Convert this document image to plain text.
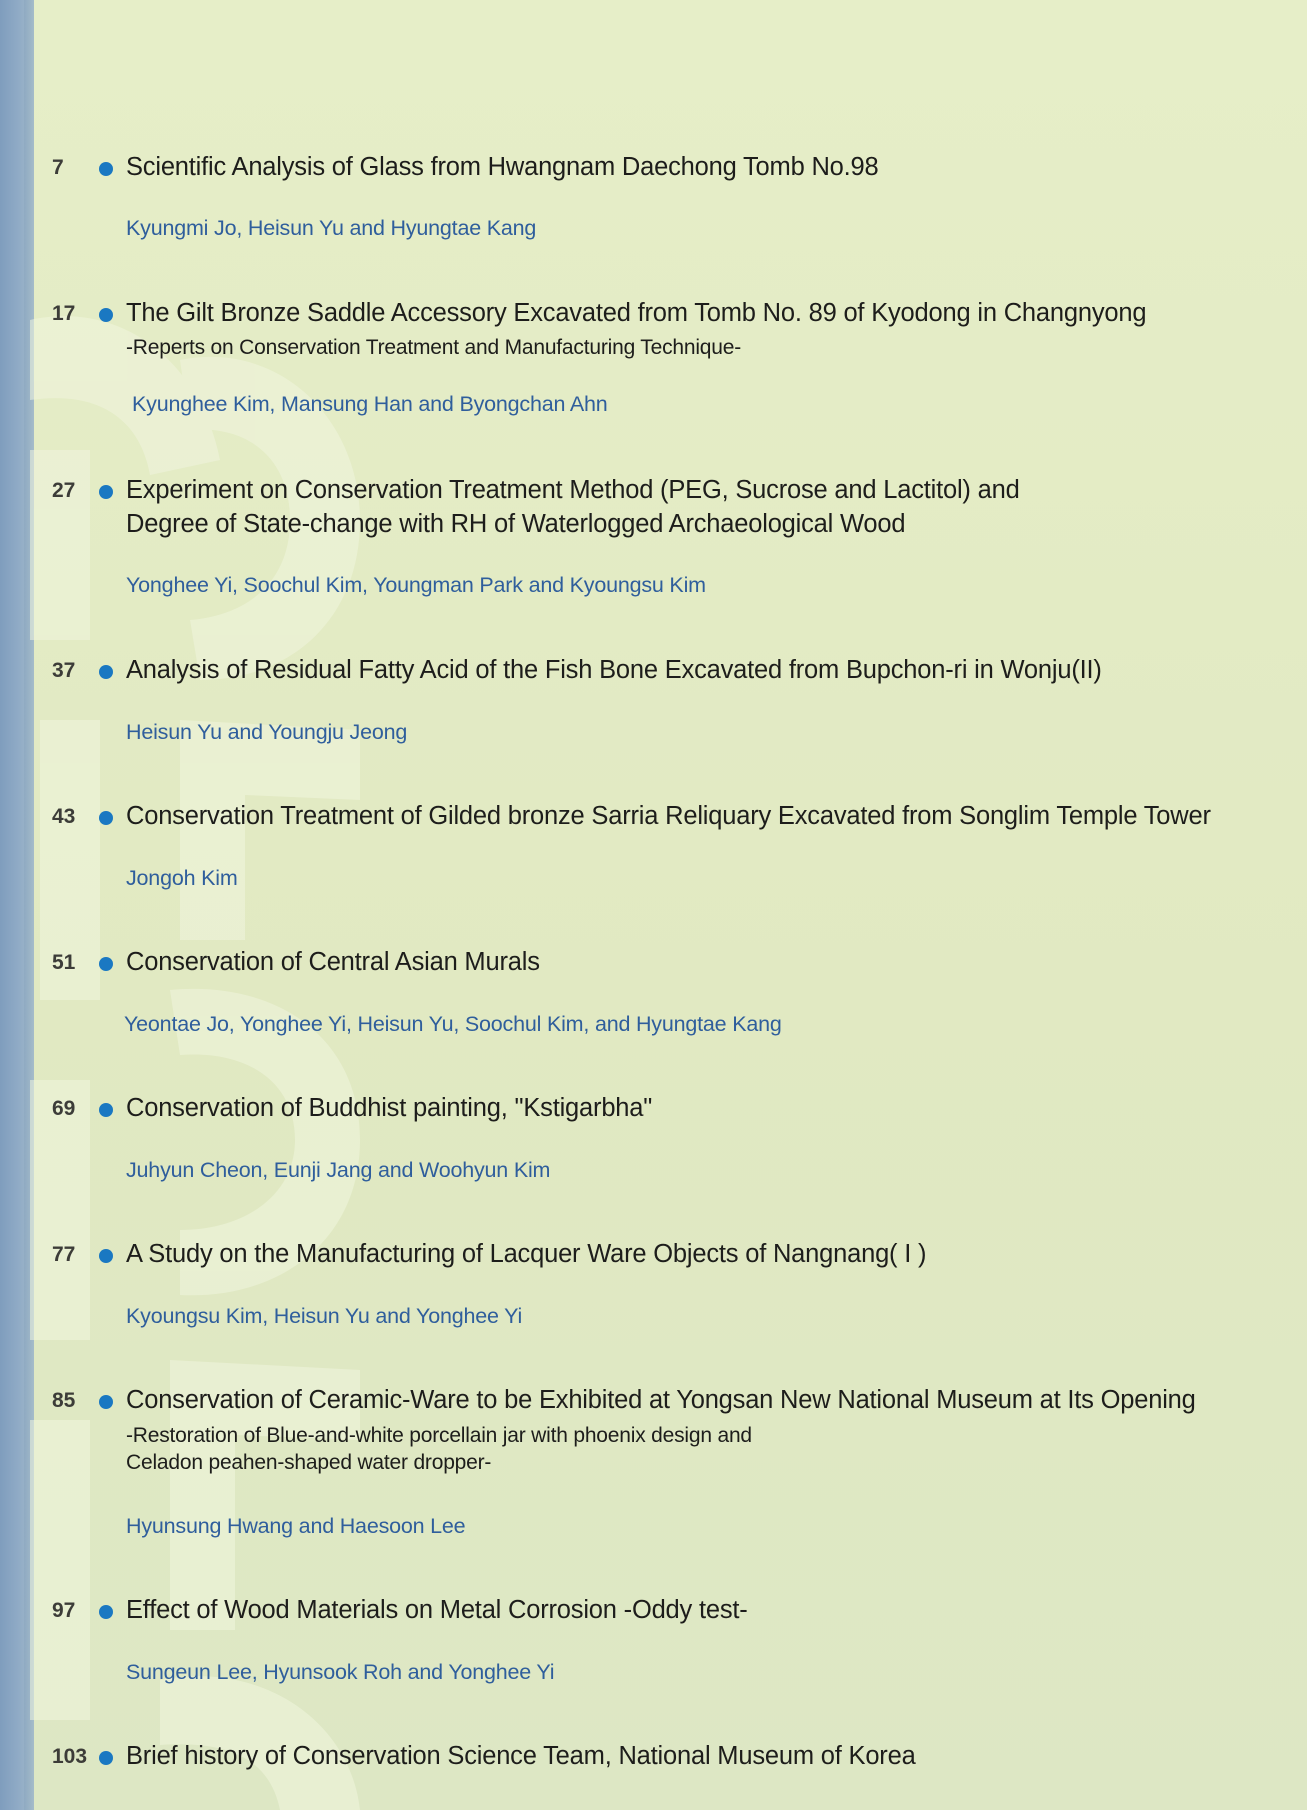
7 Scientific Analysis of Glass from Hwangnam Daechong Tomb No.98
Kyungmi Jo, Heisun Yu and Hyungtae Kang
17 The Gilt Bronze Saddle Accessory Excavated from Tomb No. 89 of Kyodong in Changnyong
-Reperts on Conservation Treatment and Manufacturing Technique-
Kyunghee Kim, Mansung Han and Byongchan Ahn
27 Experiment on Conservation Treatment Method (PEG, Sucrose and Lactitol) and
Degree of State-change with RH of Waterlogged Archaeological Wood
Yonghee Yi, Soochul Kim, Youngman Park and Kyoungsu Kim
37 Analysis of Residual Fatty Acid of the Fish Bone Excavated from Bupchon-ri in Wonju(II)
Heisun Yu and Youngju Jeong
43 Conservation Treatment of Gilded bronze Sarria Reliquary Excavated from Songlim Temple Tower
Jongoh Kim
51 Conservation of Central Asian Murals
Yeontae Jo, Yonghee Yi, Heisun Yu, Soochul Kim, and Hyungtae Kang
69 Conservation of Buddhist painting, "Kstigarbha"
Juhyun Cheon, Eunji Jang and Woohyun Kim
77 A Study on the Manufacturing of Lacquer Ware Objects of Nangnang( I )
Kyoungsu Kim, Heisun Yu and Yonghee Yi
85 Conservation of Ceramic-Ware to be Exhibited at Yongsan New National Museum at Its Opening
-Restoration of Blue-and-white porcellain jar with phoenix design and
Celadon peahen-shaped water dropper-
Hyunsung Hwang and Haesoon Lee
97 Effect of Wood Materials on Metal Corrosion -Oddy test-
Sungeun Lee, Hyunsook Roh and Yonghee Yi
103 Brief history of Conservation Science Team, National Museum of Korea
